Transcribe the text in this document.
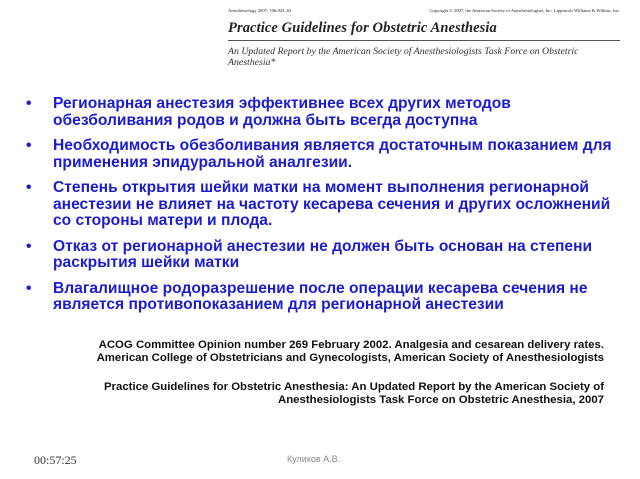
Anesthesiology 2007; 106:843–63	Copyright © 2007, the American Society of Anesthesiologists, Inc. Lippincott Williams & Wilkins, Inc.
Practice Guidelines for Obstetric Anesthesia
An Updated Report by the American Society of Anesthesiologists Task Force on Obstetric Anesthesia*
• Регионарная анестезия эффективнее всех других методов обезболивания родов и должна быть всегда доступна
• Необходимость обезболивания является достаточным показанием для применения эпидуральной аналгезии.
• Степень открытия шейки матки на момент выполнения регионарной анестезии не влияет на частоту кесарева сечения и других осложнений со стороны матери и плода.
• Отказ от регионарной анестезии не должен быть основан на степени раскрытия шейки матки
• Влагалищное родоразрешение после операции кесарева сечения не является противопоказанием для регионарной анестезии
ACOG Committee Opinion number 269 February 2002. Analgesia and cesarean delivery rates. American College of Obstetricians and Gynecologists, American Society of Anesthesiologists
Practice Guidelines for Obstetric Anesthesia: An Updated Report by the American Society of Anesthesiologists Task Force on Obstetric Anesthesia, 2007
00:57:25	Куликов А.В.
